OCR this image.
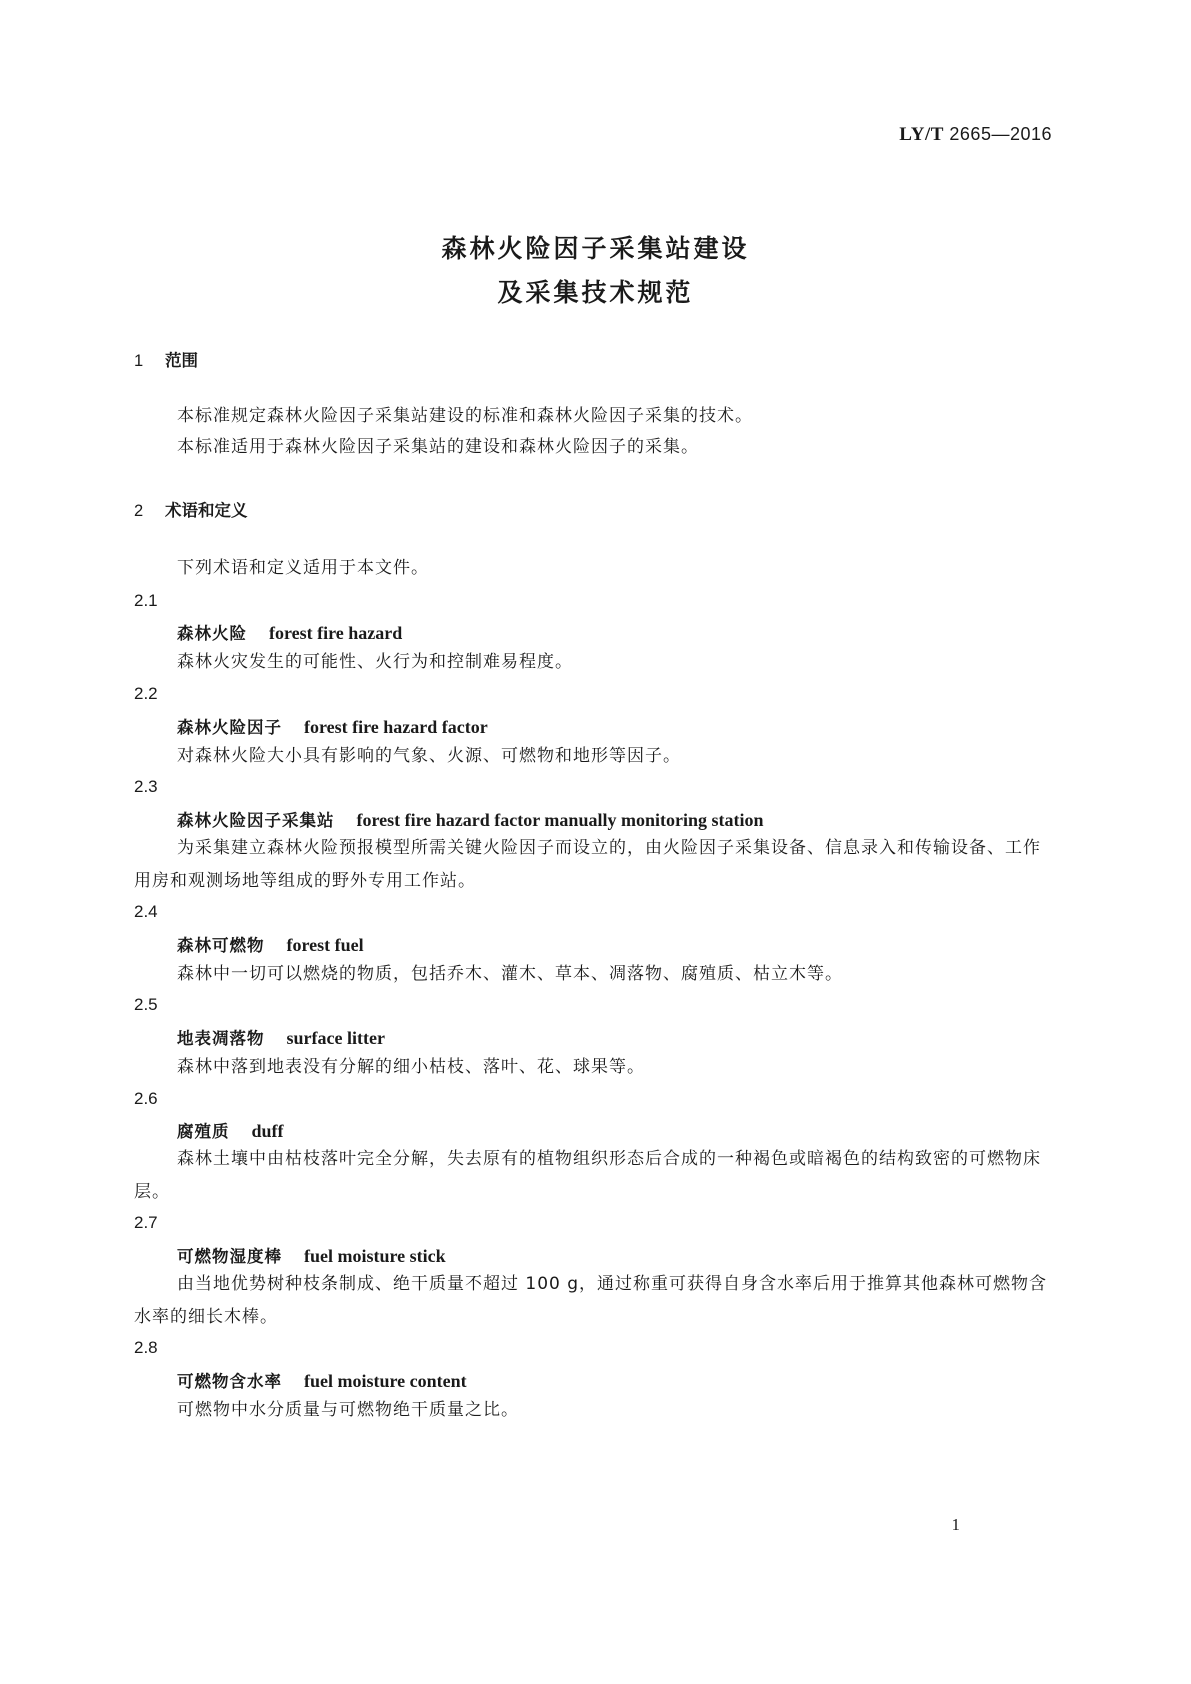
LY/T 2665—2016
森林火险因子采集站建设
及采集技术规范
1 范围
本标准规定森林火险因子采集站建设的标准和森林火险因子采集的技术。
本标准适用于森林火险因子采集站的建设和森林火险因子的采集。
2 术语和定义
下列术语和定义适用于本文件。
2.1
森林火险 forest fire hazard
森林火灾发生的可能性、火行为和控制难易程度。
2.2
森林火险因子 forest fire hazard factor
对森林火险大小具有影响的气象、火源、可燃物和地形等因子。
2.3
森林火险因子采集站 forest fire hazard factor manually monitoring station
为采集建立森林火险预报模型所需关键火险因子而设立的，由火险因子采集设备、信息录入和传输设备、工作用房和观测场地等组成的野外专用工作站。
2.4
森林可燃物 forest fuel
森林中一切可以燃烧的物质，包括乔木、灌木、草本、凋落物、腐殖质、枯立木等。
2.5
地表凋落物 surface litter
森林中落到地表没有分解的细小枯枝、落叶、花、球果等。
2.6
腐殖质 duff
森林土壤中由枯枝落叶完全分解，失去原有的植物组织形态后合成的一种褐色或暗褐色的结构致密的可燃物床层。
2.7
可燃物湿度棒 fuel moisture stick
由当地优势树种枝条制成、绝干质量不超过 100 g，通过称重可获得自身含水率后用于推算其他森林可燃物含水率的细长木棒。
2.8
可燃物含水率 fuel moisture content
可燃物中水分质量与可燃物绝干质量之比。
1
